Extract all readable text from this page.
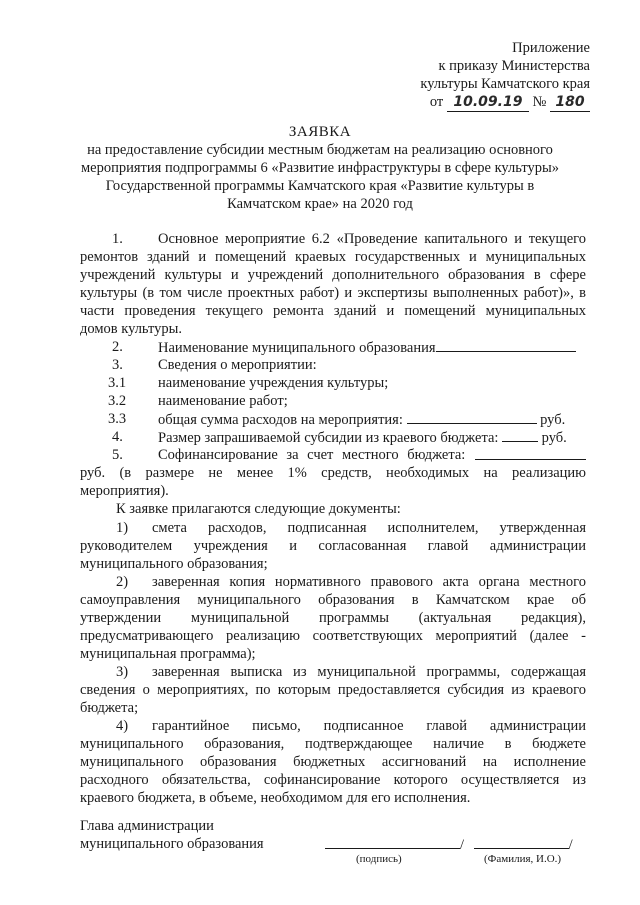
Приложение
к приказу Министерства
культуры Камчатского края
от 10.09.19 № 180
ЗАЯВКА
на предоставление субсидии местным бюджетам на реализацию основного
мероприятия подпрограммы 6 «Развитие инфраструктуры в сфере культуры»
Государственной программы Камчатского края «Развитие культуры в
Камчатском крае» на 2020 год
1. Основное мероприятие 6.2 «Проведение капитального и текущего
ремонтов зданий и помещений краевых государственных и муниципальных
учреждений культуры и учреждений дополнительного образования в сфере
культуры (в том числе проектных работ) и экспертизы выполненных работ)», в
части проведения текущего ремонта зданий и помещений муниципальных
домов культуры.
2. Наименование муниципального образования
3. Сведения о мероприятии:
3.1 наименование учреждения культуры;
3.2 наименование работ;
3.3 общая сумма расходов на мероприятия:	руб.
4. Размер запрашиваемой субсидии из краевого бюджета:	руб.
5. Софинансирование за счет местного бюджета:
руб. (в размере не менее 1% средств, необходимых на реализацию
мероприятия).
К заявке прилагаются следующие документы:
1) смета расходов, подписанная исполнителем, утвержденная
руководителем учреждения и согласованная главой администрации
муниципального образования;
2) заверенная копия нормативного правового акта органа местного
самоуправления муниципального образования в Камчатском крае об
утверждении муниципальной программы (актуальная редакция),
предусматривающего реализацию соответствующих мероприятий (далее -
муниципальная программа);
3) заверенная выписка из муниципальной программы, содержащая
сведения о мероприятиях, по которым предоставляется субсидия из краевого
бюджета;
4) гарантийное письмо, подписанное главой администрации
муниципального образования, подтверждающее наличие в бюджете
муниципального образования бюджетных ассигнований на исполнение
расходного обязательства, софинансирование которого осуществляется из
краевого бюджета, в объеме, необходимом для его исполнения.
Глава администрации
муниципального образования	/	/
(подпись)	(Фамилия, И.О.)
